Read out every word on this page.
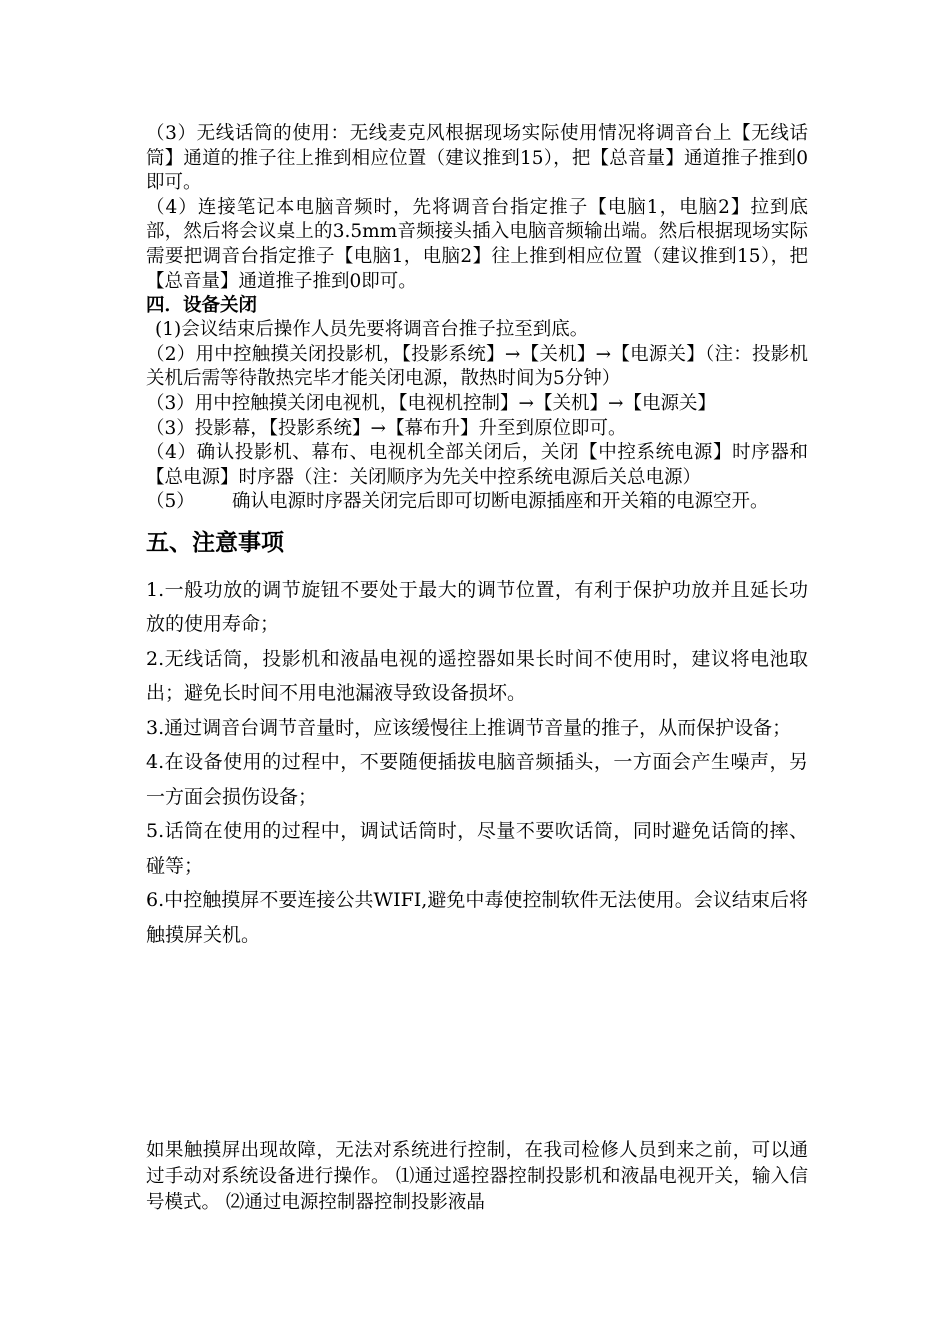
（3）无线话筒的使用：无线麦克风根据现场实际使用情况将调音台上【无线话筒】通道的推子往上推到相应位置（建议推到15），把【总音量】通道推子推到0即可。

（4）连接笔记本电脑音频时，先将调音台指定推子【电脑1，电脑2】拉到底部，然后将会议桌上的3.5mm音频接头插入电脑音频输出端。然后根据现场实际需要把调音台指定推子【电脑1，电脑2】往上推到相应位置（建议推到15），把【总音量】通道推子推到0即可。

四．设备关闭

(1)会议结束后操作人员先要将调音台推子拉至到底。

（2）用中控触摸关闭投影机，【投影系统】→【关机】→【电源关】（注：投影机关机后需等待散热完毕才能关闭电源，散热时间为5分钟）

（3）用中控触摸关闭电视机，【电视机控制】→【关机】→【电源关】

（3）投影幕，【投影系统】→【幕布升】升至到原位即可。

（4）确认投影机、幕布、电视机全部关闭后，关闭【中控系统电源】时序器和【总电源】时序器（注：关闭顺序为先关中控系统电源后关总电源）

（5）	确认电源时序器关闭完后即可切断电源插座和开关箱的电源空开。
五、注意事项

1.一般功放的调节旋钮不要处于最大的调节位置，有利于保护功放并且延长功放的使用寿命；

2.无线话筒，投影机和液晶电视的遥控器如果长时间不使用时，建议将电池取出；避免长时间不用电池漏液导致设备损坏。

3.通过调音台调节音量时，应该缓慢往上推调节音量的推子，从而保护设备；

4.在设备使用的过程中，不要随便插拔电脑音频插头，一方面会产生噪声，另一方面会损伤设备；

5.话筒在使用的过程中，调试话筒时，尽量不要吹话筒，同时避免话筒的摔、碰等；

6.中控触摸屏不要连接公共WIFI,避免中毒使控制软件无法使用。会议结束后将触摸屏关机。

如果触摸屏出现故障，无法对系统进行控制，在我司检修人员到来之前，可以通过手动对系统设备进行操作。 ⑴通过遥控器控制投影机和液晶电视开关，输入信号模式。 ⑵通过电源控制器控制投影液晶
